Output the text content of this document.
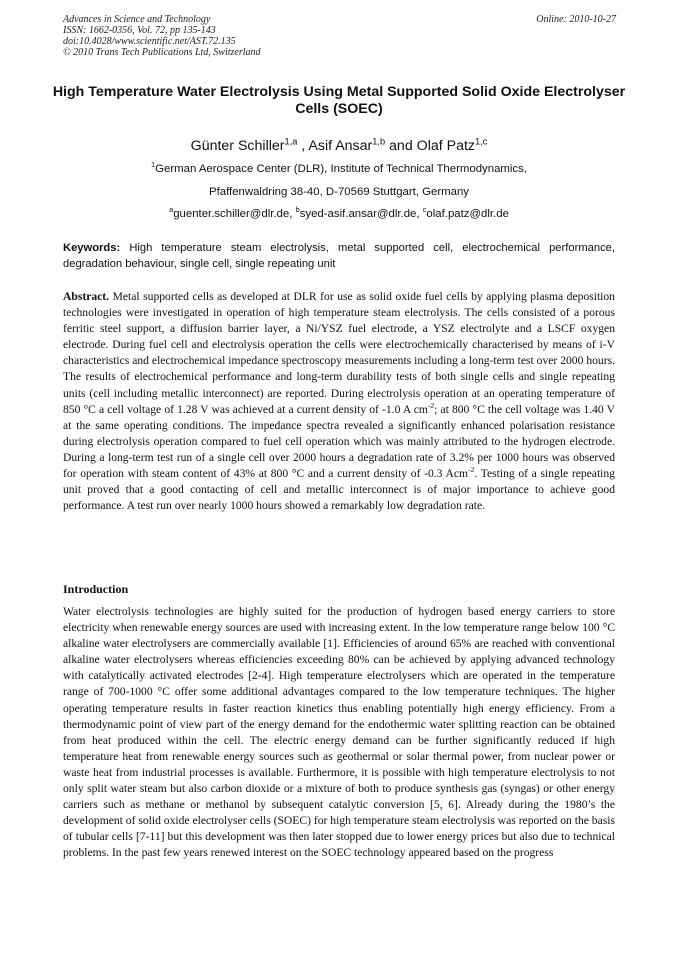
Advances in Science and Technology
ISSN: 1662-0356, Vol. 72, pp 135-143
doi:10.4028/www.scientific.net/AST.72.135
© 2010 Trans Tech Publications Ltd, Switzerland
Online: 2010-10-27
High Temperature Water Electrolysis Using Metal Supported Solid Oxide Electrolyser Cells (SOEC)
Günter Schiller$^{1,a}$ , Asif Ansar$^{1,b}$ and Olaf Patz$^{1,c}$
$^1$German Aerospace Center (DLR), Institute of Technical Thermodynamics,
Pfaffenwaldring 38-40, D-70569 Stuttgart, Germany
$^a$guenter.schiller@dlr.de, $^b$syed-asif.ansar@dlr.de, $^c$olaf.patz@dlr.de
Keywords: High temperature steam electrolysis, metal supported cell, electrochemical performance, degradation behaviour, single cell, single repeating unit
Abstract. Metal supported cells as developed at DLR for use as solid oxide fuel cells by applying plasma deposition technologies were investigated in operation of high temperature steam electrolysis. The cells consisted of a porous ferritic steel support, a diffusion barrier layer, a Ni/YSZ fuel electrode, a YSZ electrolyte and a LSCF oxygen electrode. During fuel cell and electrolysis operation the cells were electrochemically characterised by means of i-V characteristics and electrochemical impedance spectroscopy measurements including a long-term test over 2000 hours. The results of electrochemical performance and long-term durability tests of both single cells and single repeating units (cell including metallic interconnect) are reported. During electrolysis operation at an operating temperature of 850 °C a cell voltage of 1.28 V was achieved at a current density of -1.0 A $cm^{-2}$; at 800 °C the cell voltage was 1.40 V at the same operating conditions. The impedance spectra revealed a significantly enhanced polarisation resistance during electrolysis operation compared to fuel cell operation which was mainly attributed to the hydrogen electrode. During a long-term test run of a single cell over 2000 hours a degradation rate of 3.2% per 1000 hours was observed for operation with steam content of 43% at 800 °C and a current density of -0.3 Acm$^{-2}$. Testing of a single repeating unit proved that a good contacting of cell and metallic interconnect is of major importance to achieve good performance. A test run over nearly 1000 hours showed a remarkably low degradation rate.
Introduction
Water electrolysis technologies are highly suited for the production of hydrogen based energy carriers to store electricity when renewable energy sources are used with increasing extent. In the low temperature range below 100 °C alkaline water electrolysers are commercially available [1]. Efficiencies of around 65% are reached with conventional alkaline water electrolysers whereas efficiencies exceeding 80% can be achieved by applying advanced technology with catalytically activated electrodes [2-4]. High temperature electrolysers which are operated in the temperature range of 700-1000 °C offer some additional advantages compared to the low temperature techniques. The higher operating temperature results in faster reaction kinetics thus enabling potentially high energy efficiency. From a thermodynamic point of view part of the energy demand for the endothermic water splitting reaction can be obtained from heat produced within the cell. The electric energy demand can be further significantly reduced if high temperature heat from renewable energy sources such as geothermal or solar thermal power, from nuclear power or waste heat from industrial processes is available. Furthermore, it is possible with high temperature electrolysis to not only split water steam but also carbon dioxide or a mixture of both to produce synthesis gas (syngas) or other energy carriers such as methane or methanol by subsequent catalytic conversion [5, 6]. Already during the 1980’s the development of solid oxide electrolyser cells (SOEC) for high temperature steam electrolysis was reported on the basis of tubular cells [7-11] but this development was then later stopped due to lower energy prices but also due to technical problems. In the past few years renewed interest on the SOEC technology appeared based on the progress
